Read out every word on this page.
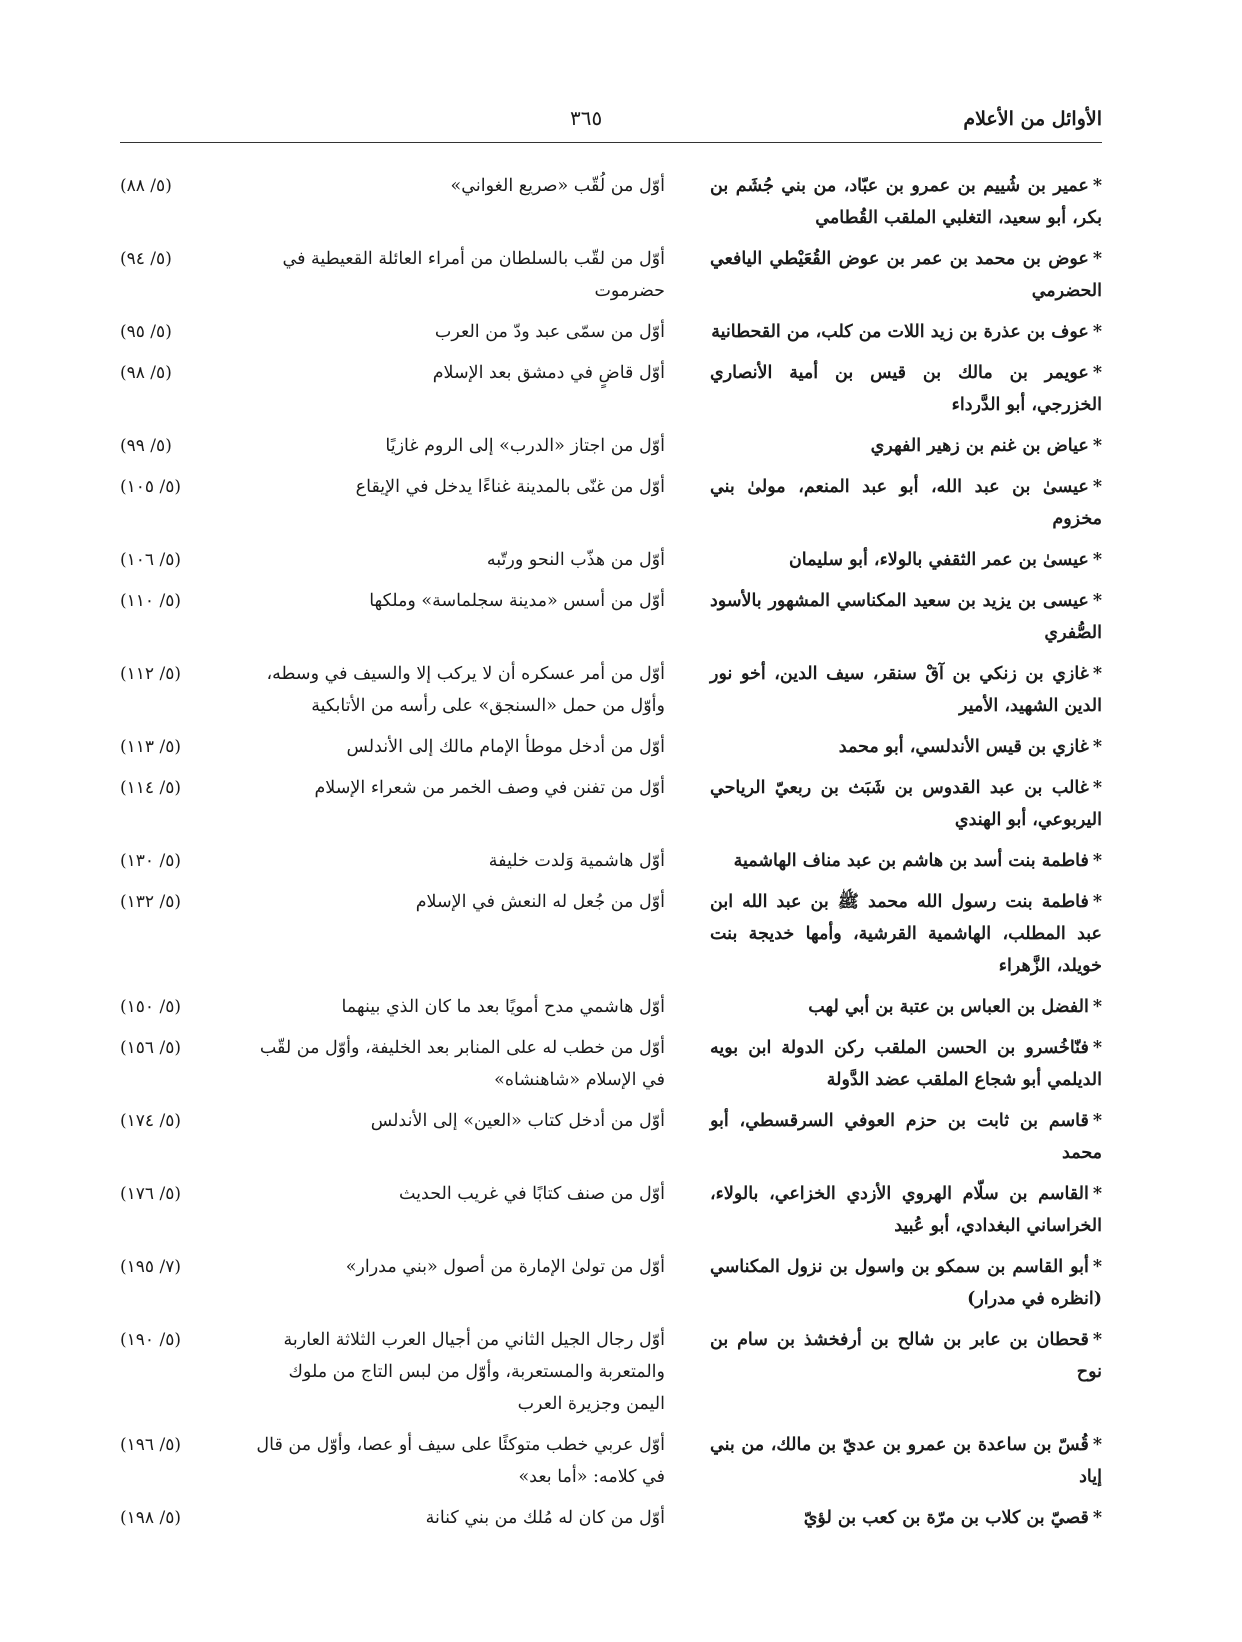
الأوائل من الأعلام
٣٦٥
*عمير بن شُييم بن عمرو بن عبّاد، من بني جُشَم بن بكر، أبو سعيد، التغلبي الملقب القُطامي
أوّل من لُقّب «صريع الغواني»
(٥/ ٨٨)
*عوض بن محمد بن عمر بن عوض القُعَيْطي اليافعي الحضرمي
أوّل من لقّب بالسلطان من أمراء العائلة القعيطية في حضرموت
(٥/ ٩٤)
*عوف بن عذرة بن زيد اللات من كلب، من القحطانية
أوّل من سمّى عبد ودّ من العرب
(٥/ ٩٥)
*عويمر بن مالك بن قيس بن أمية الأنصاري الخزرجي، أبو الدَّرداء
أوّل قاضٍ في دمشق بعد الإسلام
(٥/ ٩٨)
*عياض بن غنم بن زهير الفهري
أوّل من اجتاز «الدرب» إلى الروم غازيًا
(٥/ ٩٩)
*عيسىٰ بن عبد الله، أبو عبد المنعم، مولىٰ بني مخزوم
أوّل من غنّى بالمدينة غناءًا يدخل في الإيقاع
(٥/ ١٠٥)
*عيسىٰ بن عمر الثقفي بالولاء، أبو سليمان
أوّل من هذّب النحو ورتّبه
(٥/ ١٠٦)
*عيسى بن يزيد بن سعيد المكناسي المشهور بالأسود الصُّفري
أوّل من أسس «مدينة سجلماسة» وملكها
(٥/ ١١٠)
*غازي بن زنكي بن آقْ سنقر، سيف الدين، أخو نور الدين الشهيد، الأمير
أوّل من أمر عسكره أن لا يركب إلا والسيف في وسطه، وأوّل من حمل «السنجق» على رأسه من الأتابكية
(٥/ ١١٢)
*غازي بن قيس الأندلسي، أبو محمد
أوّل من أدخل موطأ الإمام مالك إلى الأندلس
(٥/ ١١٣)
*غالب بن عبد القدوس بن شَبَث بن ربعيّ الرياحي اليربوعي، أبو الهندي
أوّل من تفنن في وصف الخمر من شعراء الإسلام
(٥/ ١١٤)
*فاطمة بنت أسد بن هاشم بن عبد مناف الهاشمية
أوّل هاشمية وَلدت خليفة
(٥/ ١٣٠)
*فاطمة بنت رسول الله محمد ﷺ بن عبد الله ابن عبد المطلب، الهاشمية القرشية، وأمها خديجة بنت خويلد، الزَّهراء
أوّل من جُعل له النعش في الإسلام
(٥/ ١٣٢)
*الفضل بن العباس بن عتبة بن أبي لهب
أوّل هاشمي مدح أمويًا بعد ما كان الذي بينهما
(٥/ ١٥٠)
*فنّاخُسرو بن الحسن الملقب ركن الدولة ابن بويه الديلمي أبو شجاع الملقب عضد الدَّولة
أوّل من خطب له على المنابر بعد الخليفة، وأوّل من لقّب في الإسلام «شاهنشاه»
(٥/ ١٥٦)
*قاسم بن ثابت بن حزم العوفي السرقسطي، أبو محمد
أوّل من أدخل كتاب «العين» إلى الأندلس
(٥/ ١٧٤)
*القاسم بن سلّام الهروي الأزدي الخزاعي، بالولاء، الخراساني البغدادي، أبو عُبيد
أوّل من صنف كتابًا في غريب الحديث
(٥/ ١٧٦)
*أبو القاسم بن سمكو بن واسول بن نزول المكناسي (انظره في مدرار)
أوّل من تولىٰ الإمارة من أصول «بني مدرار»
(٧/ ١٩٥)
*قحطان بن عابر بن شالح بن أرفخشذ بن سام بن نوح
أوّل رجال الجيل الثاني من أجيال العرب الثلاثة العاربة والمتعربة والمستعربة، وأوّل من لبس التاج من ملوك اليمن وجزيرة العرب
(٥/ ١٩٠)
*قُسّ بن ساعدة بن عمرو بن عديّ بن مالك، من بني إياد
أوّل عربي خطب متوكئًا على سيف أو عصا، وأوّل من قال في كلامه: «أما بعد»
(٥/ ١٩٦)
*قصيّ بن كلاب بن مرّة بن كعب بن لؤيّ
أوّل من كان له مُلك من بني كنانة
(٥/ ١٩٨)
